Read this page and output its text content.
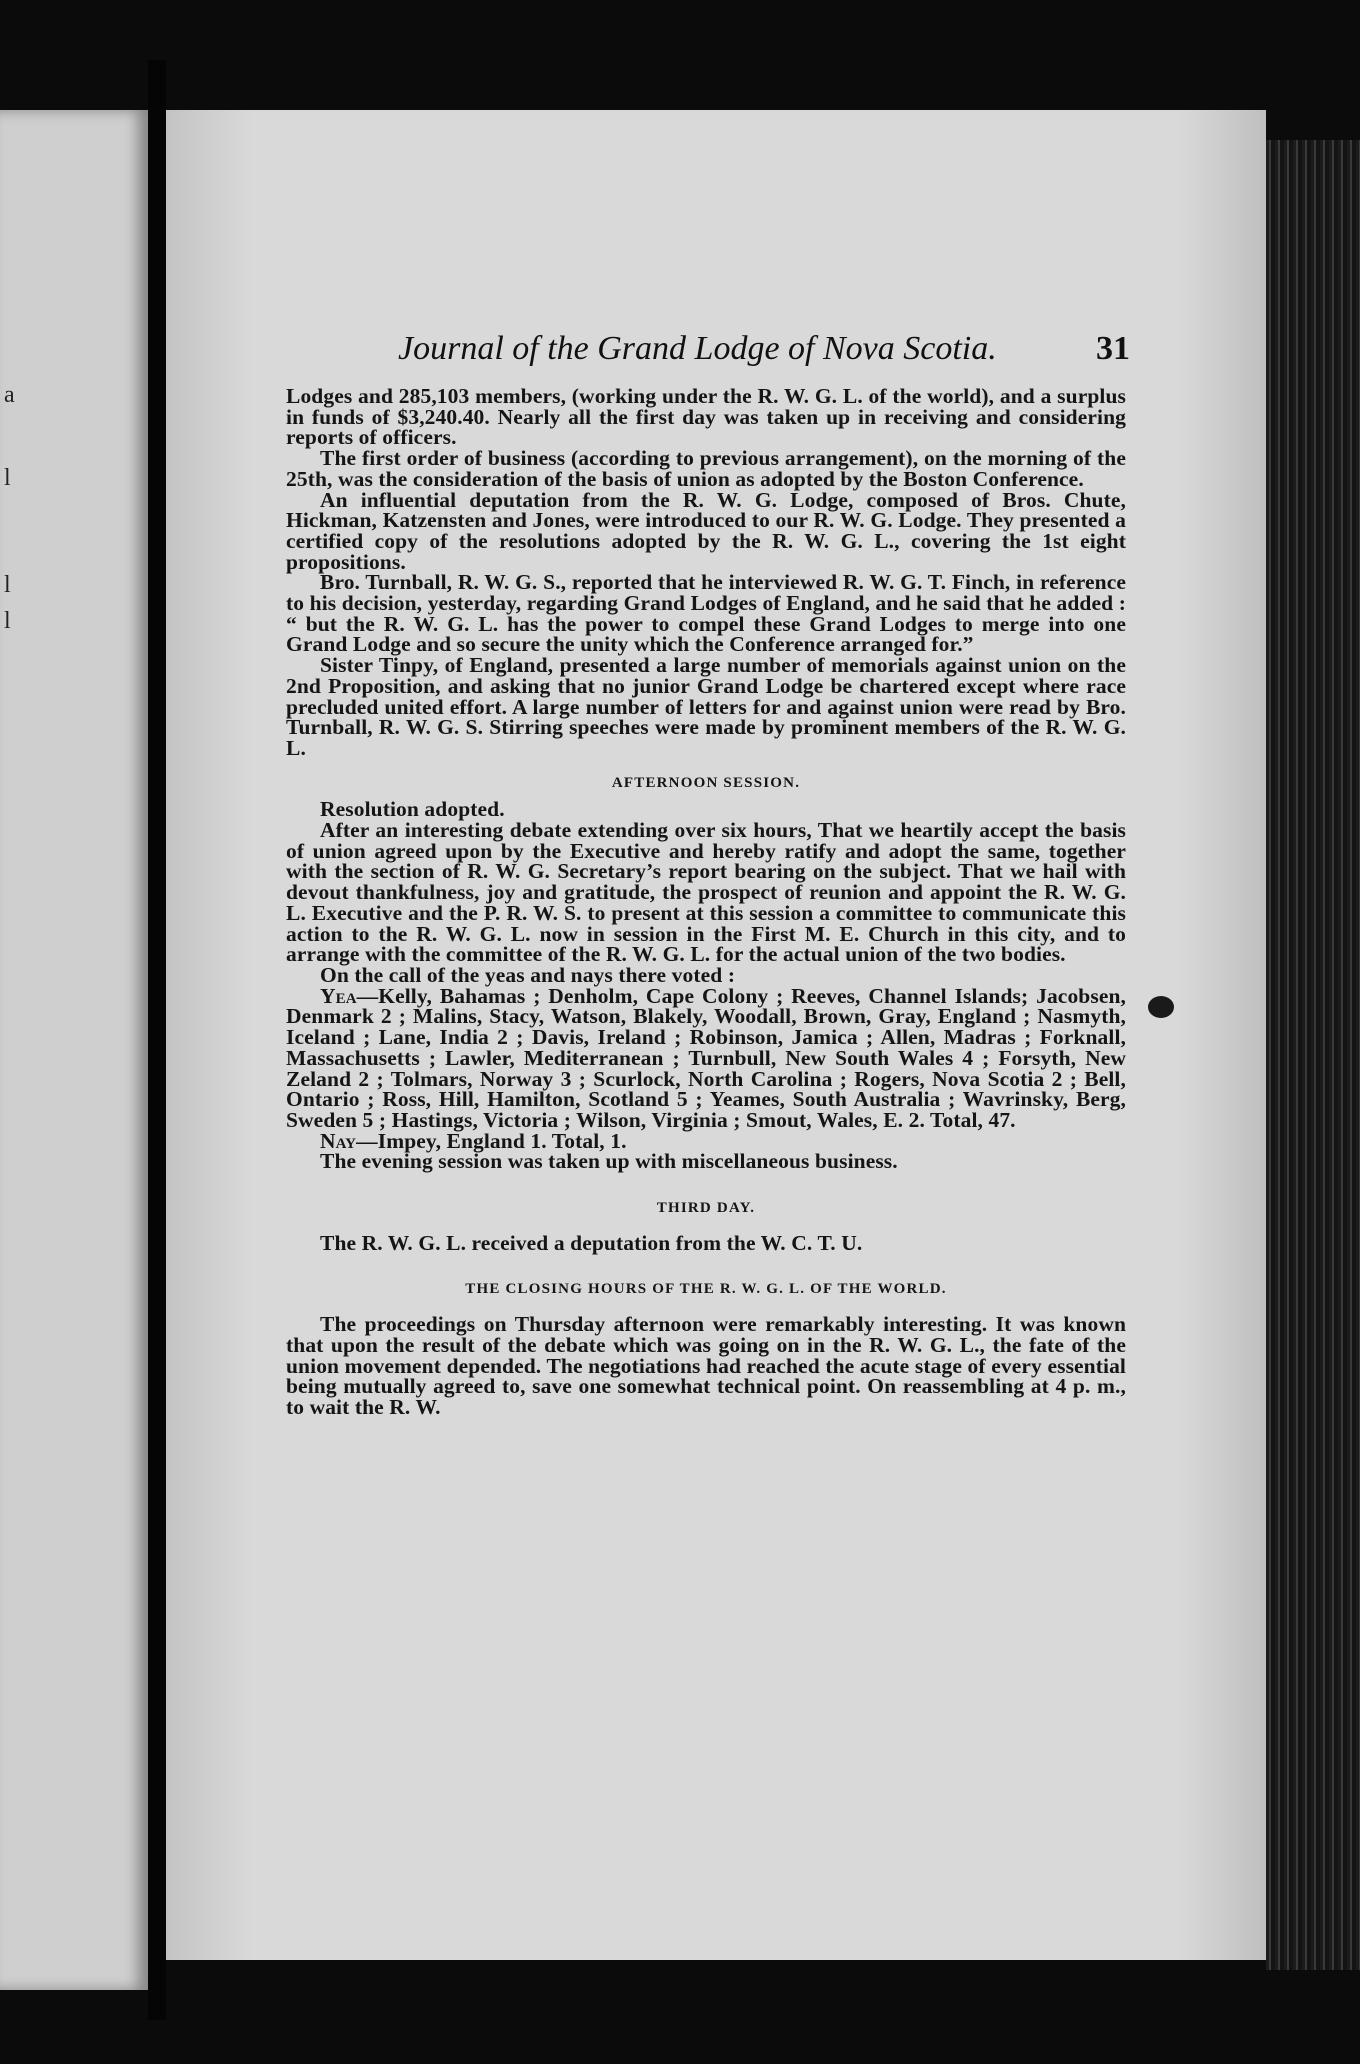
a
l
l
l
Journal of the Grand Lodge of Nova Scotia.	31

Lodges and 285,103 members, (working under the R. W. G. L. of the world), and a surplus in funds of $3,240.40. Nearly all the first day was taken up in receiving and considering reports of officers.

The first order of business (according to previous arrangement), on the morning of the 25th, was the consideration of the basis of union as adopted by the Boston Conference.

An influential deputation from the R. W. G. Lodge, composed of Bros. Chute, Hickman, Katzensten and Jones, were introduced to our R. W. G. Lodge. They presented a certified copy of the resolutions adopted by the R. W. G. L., covering the 1st eight propositions.

Bro. Turnball, R. W. G. S., reported that he interviewed R. W. G. T. Finch, in reference to his decision, yesterday, regarding Grand Lodges of England, and he said that he added : “ but the R. W. G. L. has the power to compel these Grand Lodges to merge into one Grand Lodge and so secure the unity which the Conference arranged for.”

Sister Tinpy, of England, presented a large number of memorials against union on the 2nd Proposition, and asking that no junior Grand Lodge be chartered except where race precluded united effort. A large number of letters for and against union were read by Bro. Turnball, R. W. G. S. Stirring speeches were made by prominent members of the R. W. G. L.

AFTERNOON SESSION.

Resolution adopted.

After an interesting debate extending over six hours, That we heartily accept the basis of union agreed upon by the Executive and hereby ratify and adopt the same, together with the section of R. W. G. Secretary’s report bearing on the subject. That we hail with devout thankfulness, joy and gratitude, the prospect of reunion and appoint the R. W. G. L. Executive and the P. R. W. S. to present at this session a committee to communicate this action to the R. W. G. L. now in session in the First M. E. Church in this city, and to arrange with the committee of the R. W. G. L. for the actual union of the two bodies.

On the call of the yeas and nays there voted :

Yea—Kelly, Bahamas ; Denholm, Cape Colony ; Reeves, Channel Islands; Jacobsen, Denmark 2 ; Malins, Stacy, Watson, Blakely, Woodall, Brown, Gray, England ; Nasmyth, Iceland ; Lane, India 2 ; Davis, Ireland ; Robinson, Jamica ; Allen, Madras ; Forknall, Massachusetts ; Lawler, Mediterranean ; Turnbull, New South Wales 4 ; Forsyth, New Zeland 2 ; Tolmars, Norway 3 ; Scurlock, North Carolina ; Rogers, Nova Scotia 2 ; Bell, Ontario ; Ross, Hill, Hamilton, Scotland 5 ; Yeames, South Australia ; Wavrinsky, Berg, Sweden 5 ; Hastings, Victoria ; Wilson, Virginia ; Smout, Wales, E. 2. Total, 47.

Nay—Impey, England 1. Total, 1.

The evening session was taken up with miscellaneous business.

THIRD DAY.

The R. W. G. L. received a deputation from the W. C. T. U.

THE CLOSING HOURS OF THE R. W. G. L. OF THE WORLD.

The proceedings on Thursday afternoon were remarkably interesting. It was known that upon the result of the debate which was going on in the R. W. G. L., the fate of the union movement depended. The negotiations had reached the acute stage of every essential being mutually agreed to, save one somewhat technical point. On reassembling at 4 p. m., to wait the R. W.
